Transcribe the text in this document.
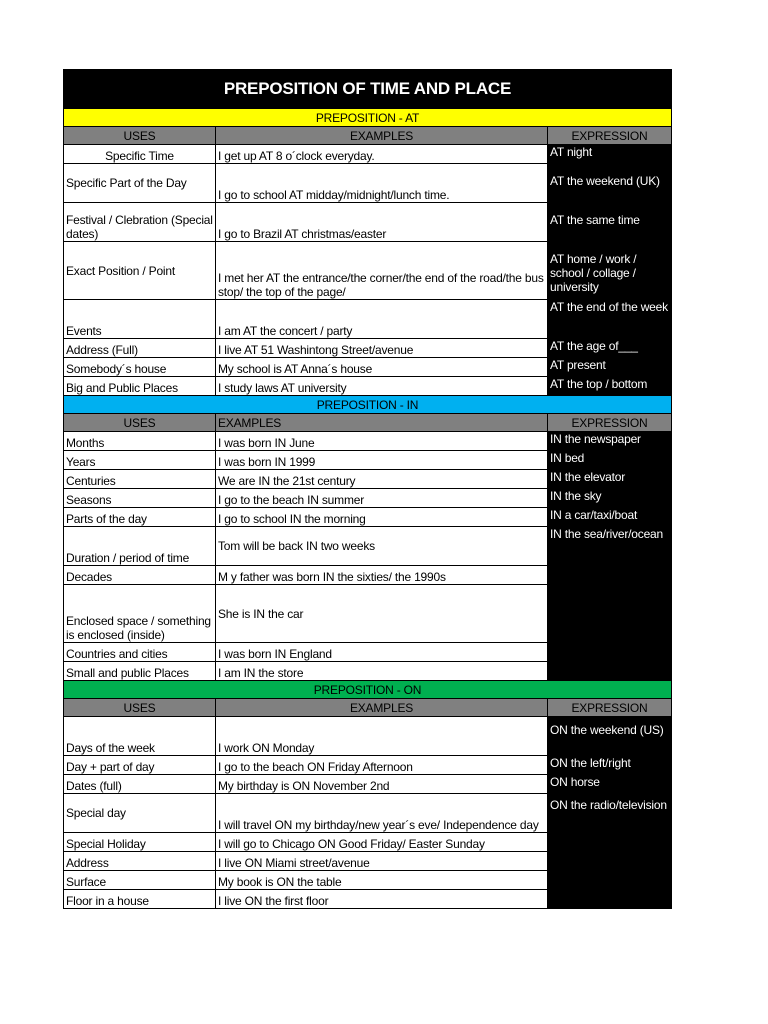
PREPOSITION OF TIME AND PLACE		
PREPOSITION - AT		
USES	EXAMPLES	EXPRESSION
Specific Time	I get up AT 8 o´clock everyday.	AT night
Specific Part of the Day	I go to school AT midday/midnight/lunch time.	AT the weekend (UK)
Festival / Clebration (Special dates)	I go to Brazil AT christmas/easter	AT the same time
Exact Position / Point	I met her AT the entrance/the corner/the end of the road/the bus stop/ the top of the page/	AT home / work / school / collage / university
Events	I am AT the concert / party	AT the end of the week
Address (Full)	I live AT 51 Washintong Street/avenue	AT the age of___
Somebody´s house	My school is AT Anna´s house	AT present
Big and Public Places	I study laws AT university	AT the top / bottom
PREPOSITION - IN		
USES	EXAMPLES	EXPRESSION
Months	I was born IN June	IN the newspaper
Years	I was born IN 1999	IN bed
Centuries	We are IN the 21st century	IN the elevator
Seasons	I go to the beach IN summer	IN the sky
Parts of the day	I go to school IN the morning	IN a car/taxi/boat
Duration / period of time	Tom will be back IN two weeks	IN the sea/river/ocean
Decades	M y father was born IN the sixties/ the 1990s	
Enclosed space / something is enclosed (inside)	She is IN the car	
Countries and cities	I was born IN England	
Small and public Places	I am IN the store	
PREPOSITION - ON		
USES	EXAMPLES	EXPRESSION
Days of the week	I work ON Monday	ON the weekend (US)
Day + part of day	I go to the beach ON Friday Afternoon	ON the left/right
Dates (full)	My birthday is ON November 2nd	ON horse
Special day	I will travel ON my birthday/new year´s eve/ Independence day	ON the radio/television
Special Holiday	I will go to Chicago ON Good Friday/ Easter Sunday	
Address	I live ON Miami street/avenue	
Surface	My book is ON the table	
Floor in a house	I live ON the first floor	
